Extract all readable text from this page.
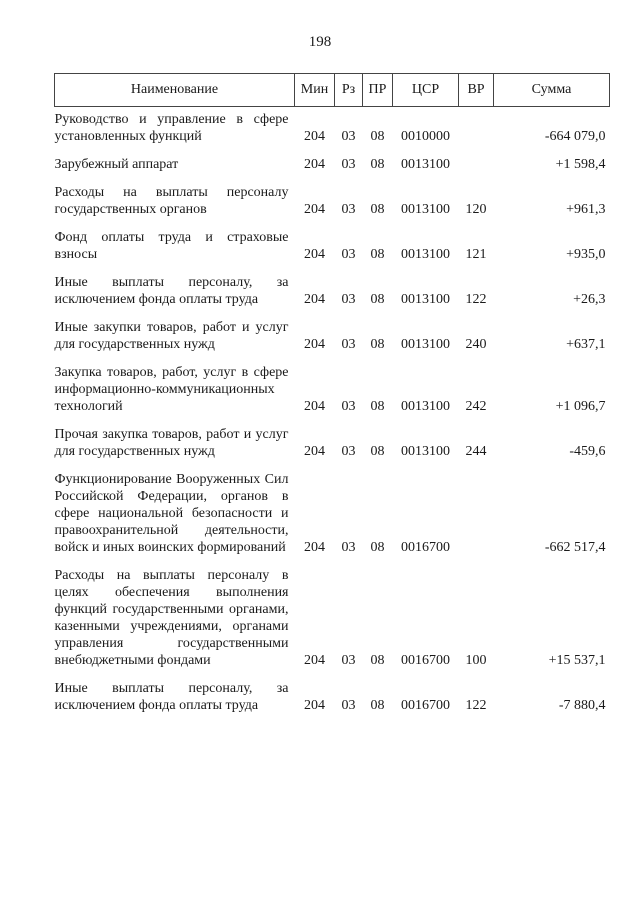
198
Наименование	Мин	Рз	ПР	ЦСР	ВР	Сумма
Руководство и управление в сфере установленных функций	204	03	08	0010000		-664 079,0
Зарубежный аппарат	204	03	08	0013100		+1 598,4
Расходы на выплаты персоналу государственных органов	204	03	08	0013100	120	+961,3
Фонд оплаты труда и страховые взносы	204	03	08	0013100	121	+935,0
Иные выплаты персоналу, за исключением фонда оплаты труда	204	03	08	0013100	122	+26,3
Иные закупки товаров, работ и услуг для государственных нужд	204	03	08	0013100	240	+637,1
Закупка товаров, работ, услуг в сфере информационно-коммуникационных технологий	204	03	08	0013100	242	+1 096,7
Прочая закупка товаров, работ и услуг для государственных нужд	204	03	08	0013100	244	-459,6
Функционирование Вооруженных Сил Российской Федерации, органов в сфере национальной безопасности и правоохранительной деятельности, войск и иных воинских формирований	204	03	08	0016700		-662 517,4
Расходы на выплаты персоналу в целях обеспечения выполнения функций государственными органами, казенными учреждениями, органами управления государственными внебюджетными фондами	204	03	08	0016700	100	+15 537,1
Иные выплаты персоналу, за исключением фонда оплаты труда	204	03	08	0016700	122	-7 880,4
